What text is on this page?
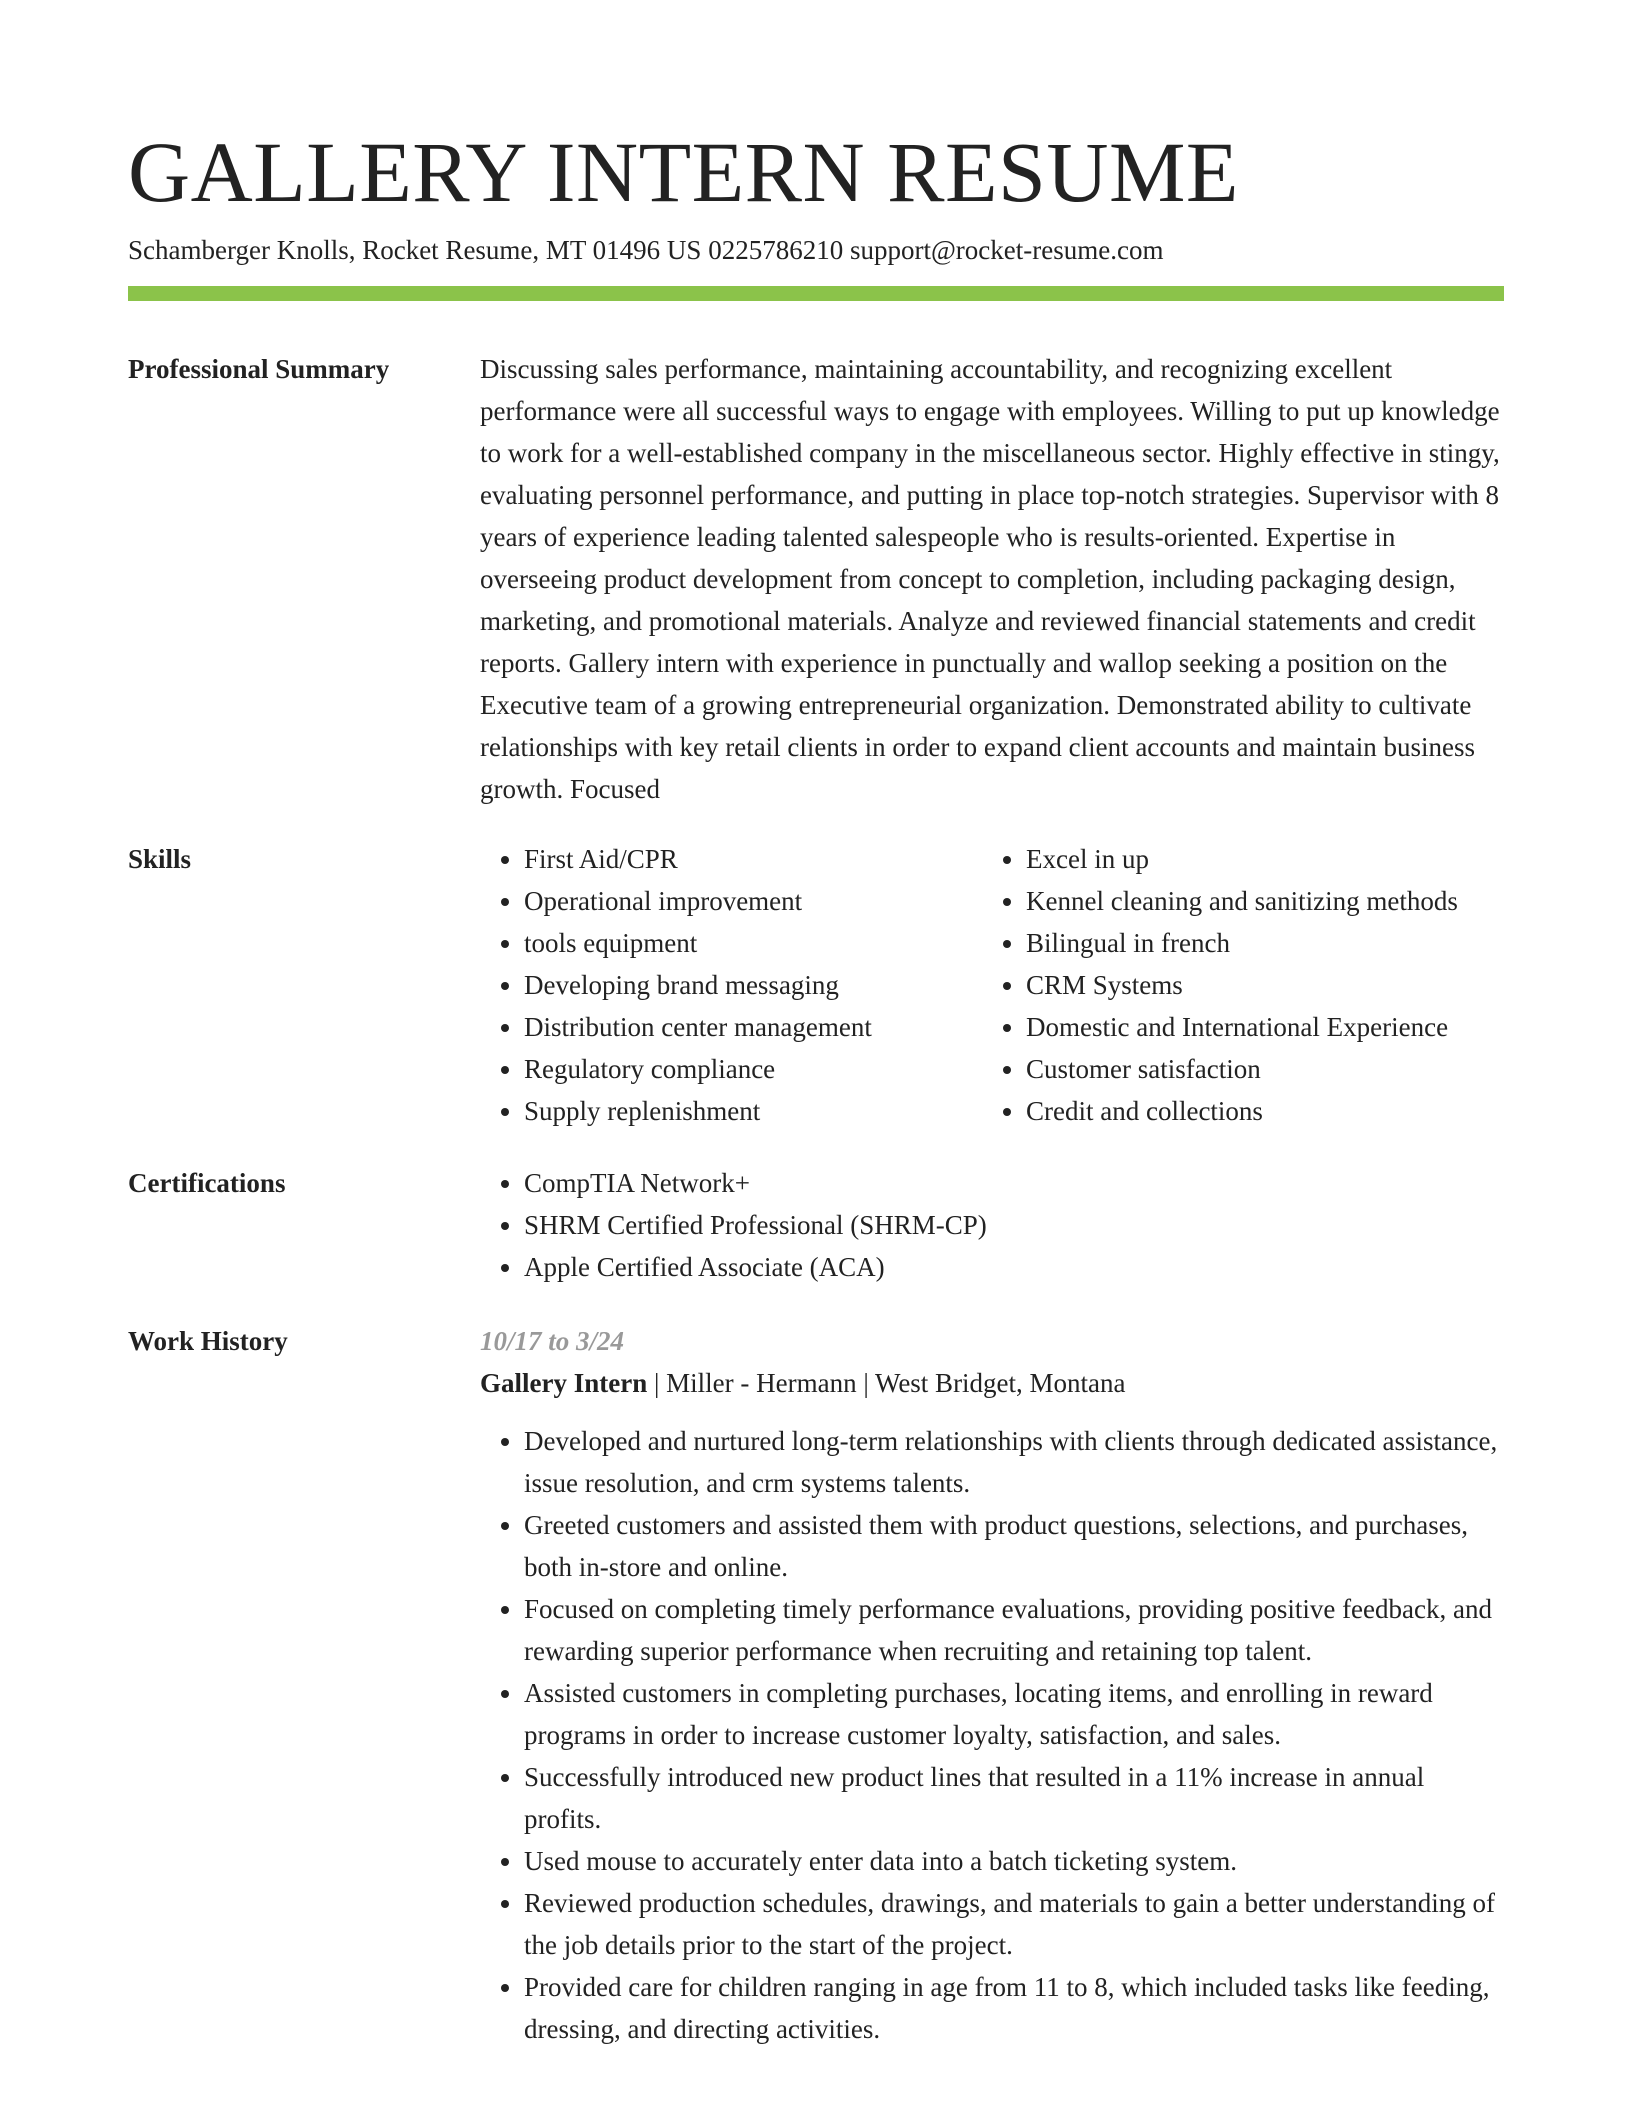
GALLERY INTERN RESUME
Schamberger Knolls, Rocket Resume, MT 01496 US 0225786210 support@rocket-resume.com
Professional Summary	Discussing sales performance, maintaining accountability, and recognizing excellent performance were all successful ways to engage with employees. Willing to put up knowledge to work for a well-established company in the miscellaneous sector. Highly effective in stingy, evaluating personnel performance, and putting in place top-notch strategies. Supervisor with 8 years of experience leading talented salespeople who is results-oriented. Expertise in overseeing product development from concept to completion, including packaging design, marketing, and promotional materials. Analyze and reviewed financial statements and credit reports. Gallery intern with experience in punctually and wallop seeking a position on the Executive team of a growing entrepreneurial organization. Demonstrated ability to cultivate relationships with key retail clients in order to expand client accounts and maintain business growth. Focused

Skills	• First Aid/CPR
• Operational improvement
• tools equipment
• Developing brand messaging
• Distribution center management
• Regulatory compliance
• Supply replenishment
• Excel in up
• Kennel cleaning and sanitizing methods
• Bilingual in french
• CRM Systems
• Domestic and International Experience
• Customer satisfaction
• Credit and collections
Certifications	• CompTIA Network+
• SHRM Certified Professional (SHRM-CP)
• Apple Certified Associate (ACA)
Work History	10/17 to 3/24
Gallery Intern | Miller - Hermann | West Bridget, Montana
• Developed and nurtured long-term relationships with clients through dedicated assistance, issue resolution, and crm systems talents.
• Greeted customers and assisted them with product questions, selections, and purchases, both in-store and online.
• Focused on completing timely performance evaluations, providing positive feedback, and rewarding superior performance when recruiting and retaining top talent.
• Assisted customers in completing purchases, locating items, and enrolling in reward programs in order to increase customer loyalty, satisfaction, and sales.
• Successfully introduced new product lines that resulted in a 11% increase in annual profits.
• Used mouse to accurately enter data into a batch ticketing system.
• Reviewed production schedules, drawings, and materials to gain a better understanding of the job details prior to the start of the project.
• Provided care for children ranging in age from 11 to 8, which included tasks like feeding, dressing, and directing activities.
